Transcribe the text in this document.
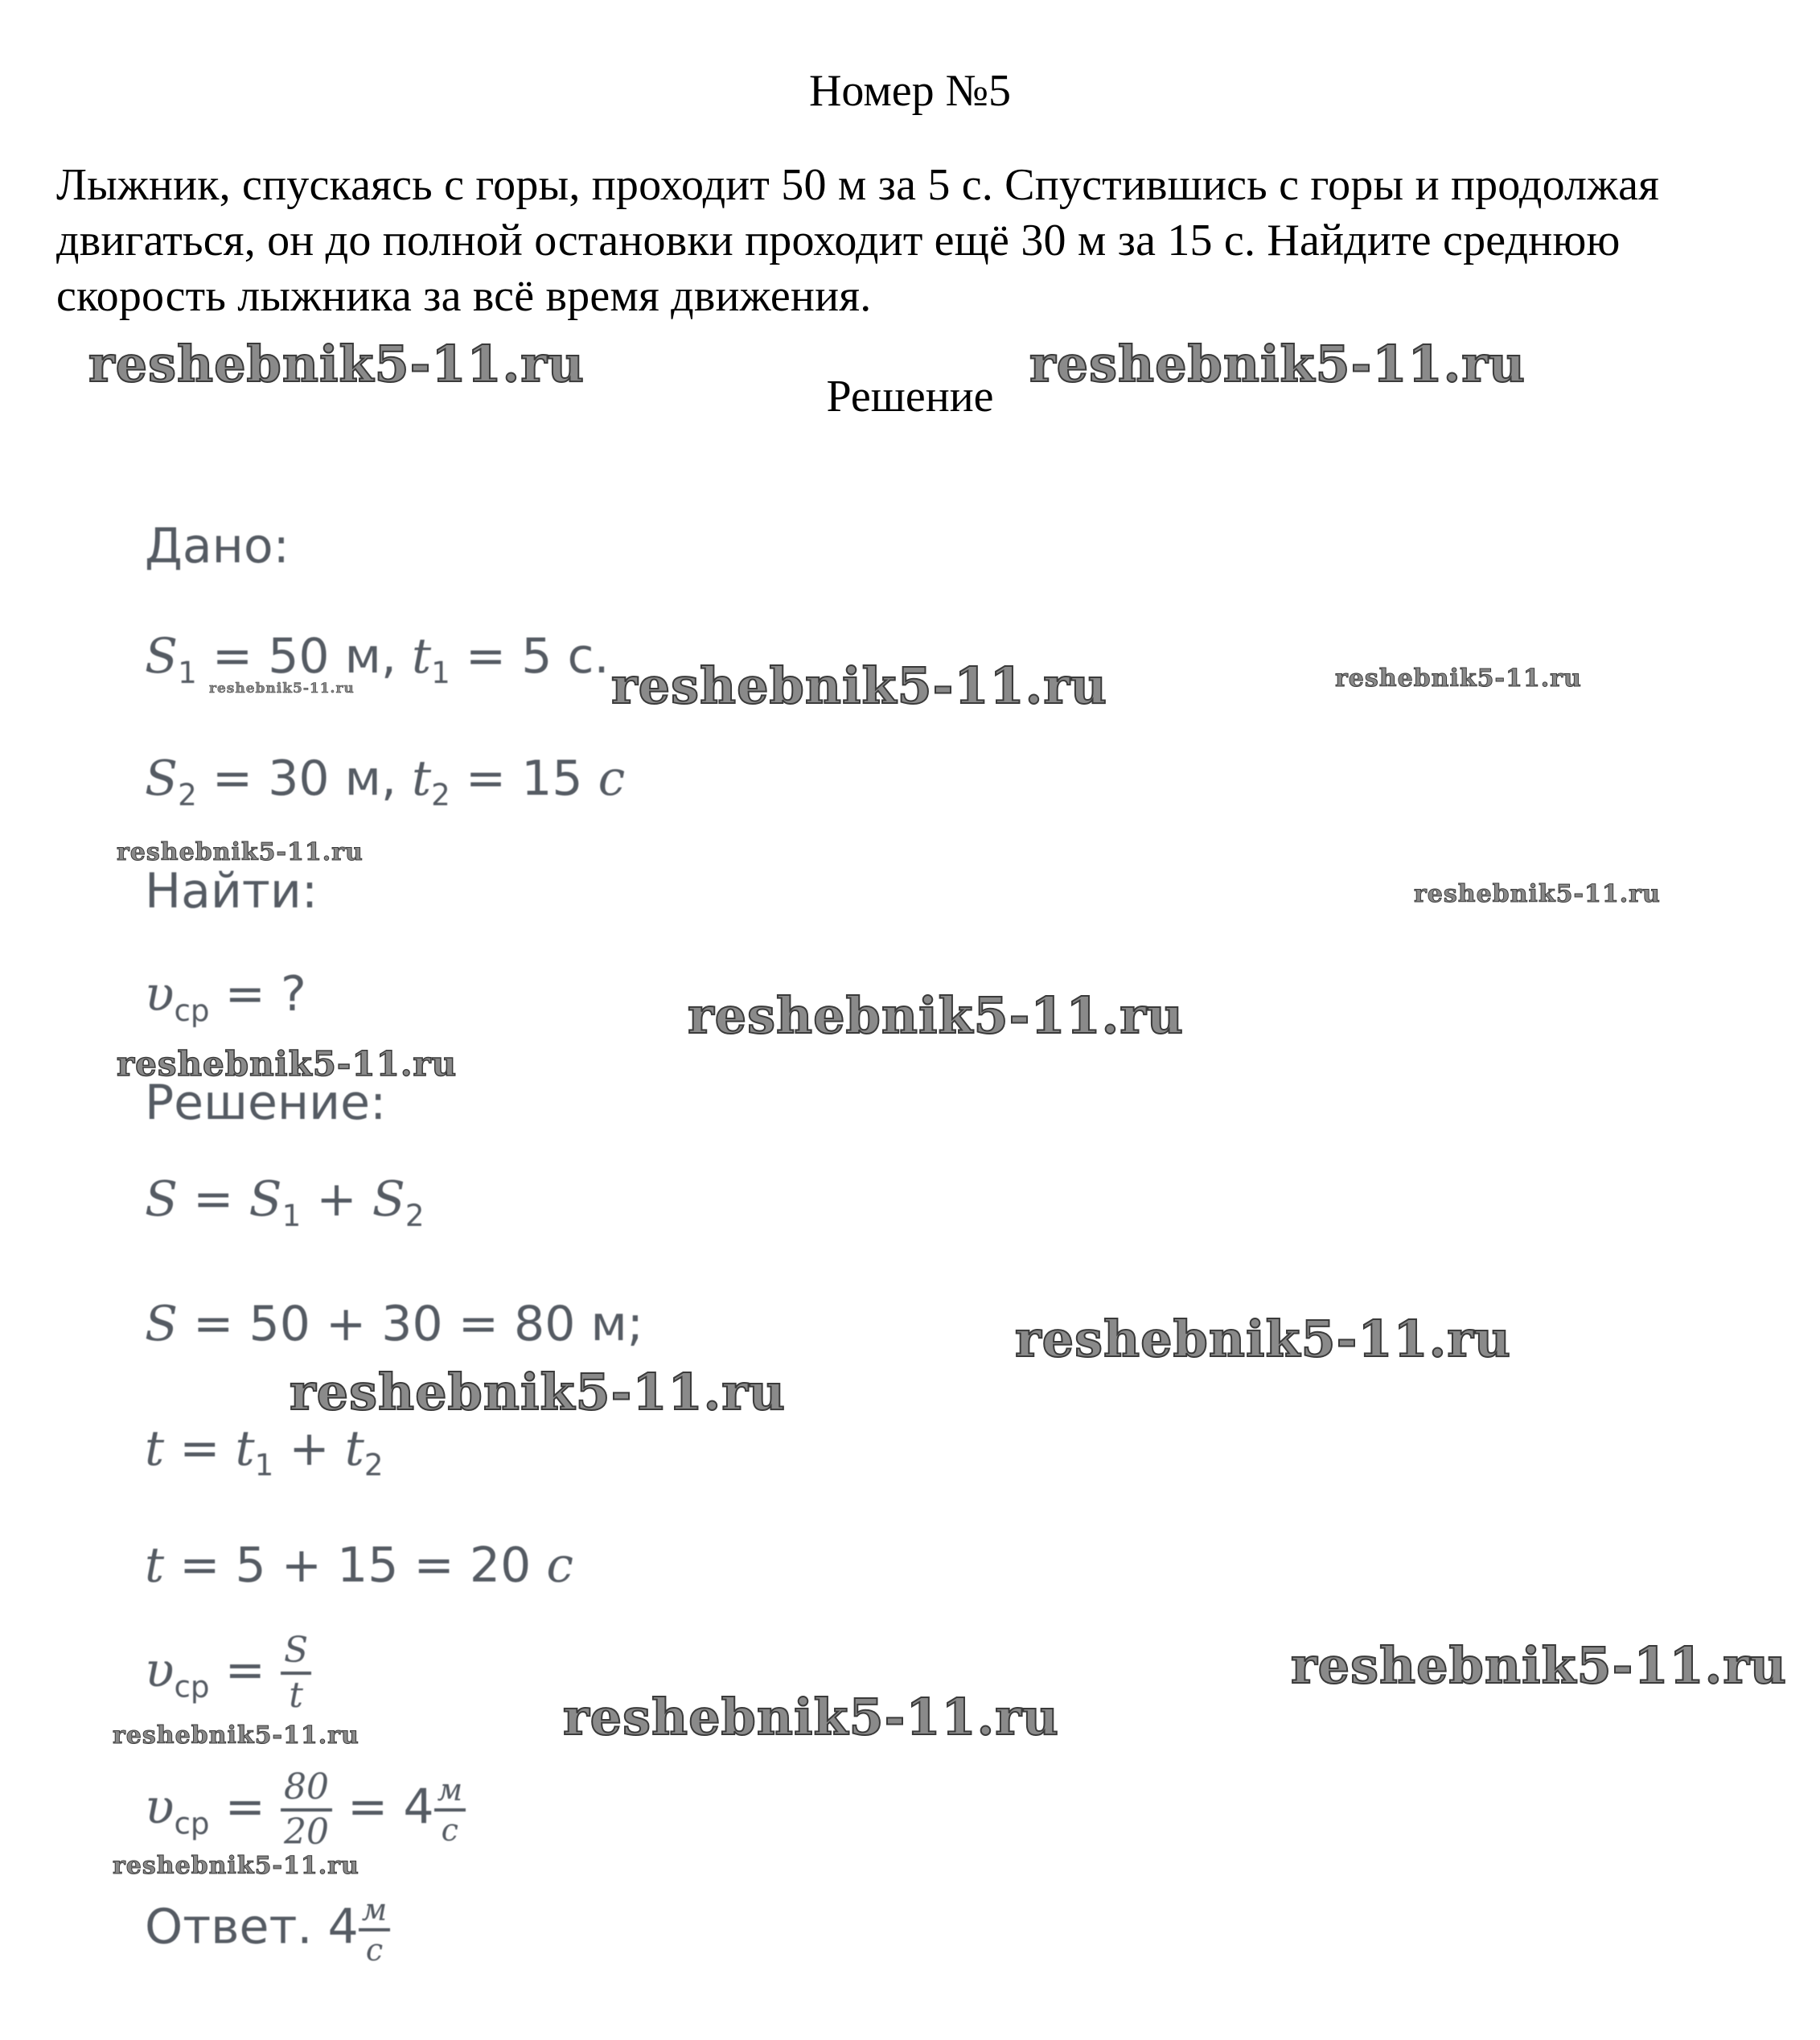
Номер №5
Лыжник, спускаясь с горы, проходит 50 м за 5 с. Спустившись с горы и продолжая двигаться, он до полной остановки проходит ещё 30 м за 15 с. Найдите среднюю скорость лыжника за всё время движения.
Решение
Дано:
$S_1 = 50$ м, $t_1 = 5$ с.
$S_2 = 30$ м, $t_2 = 15$ с
Найти:
$\upsilon_{ср}$ = ?
Решение:
$S = S_1 + S_2$
S = 50 + 30 = 80 м;
$t = t_1 + t_2$
t = 5 + 15 = 20 с
$\upsilon_{ср} = \frac{S}{t}$
$\upsilon_{ср} = \frac{80}{20} = 4 \frac{м}{с}$
Ответ. $4 \frac{м}{с}$
reshebnik5-11.ru	reshebnik5-11.ru
reshebnik5-11.ru	reshebnik5-11.ru
reshebnik5-11.ru
reshebnik5-11.ru
reshebnik5-11.ru
reshebnik5-11.ru
reshebnik5-11.ru
reshebnik5-11.ru
reshebnik5-11.ru
reshebnik5-11.ru
reshebnik5-11.ru
reshebnik5-11.ru
reshebnik5-11.ru
